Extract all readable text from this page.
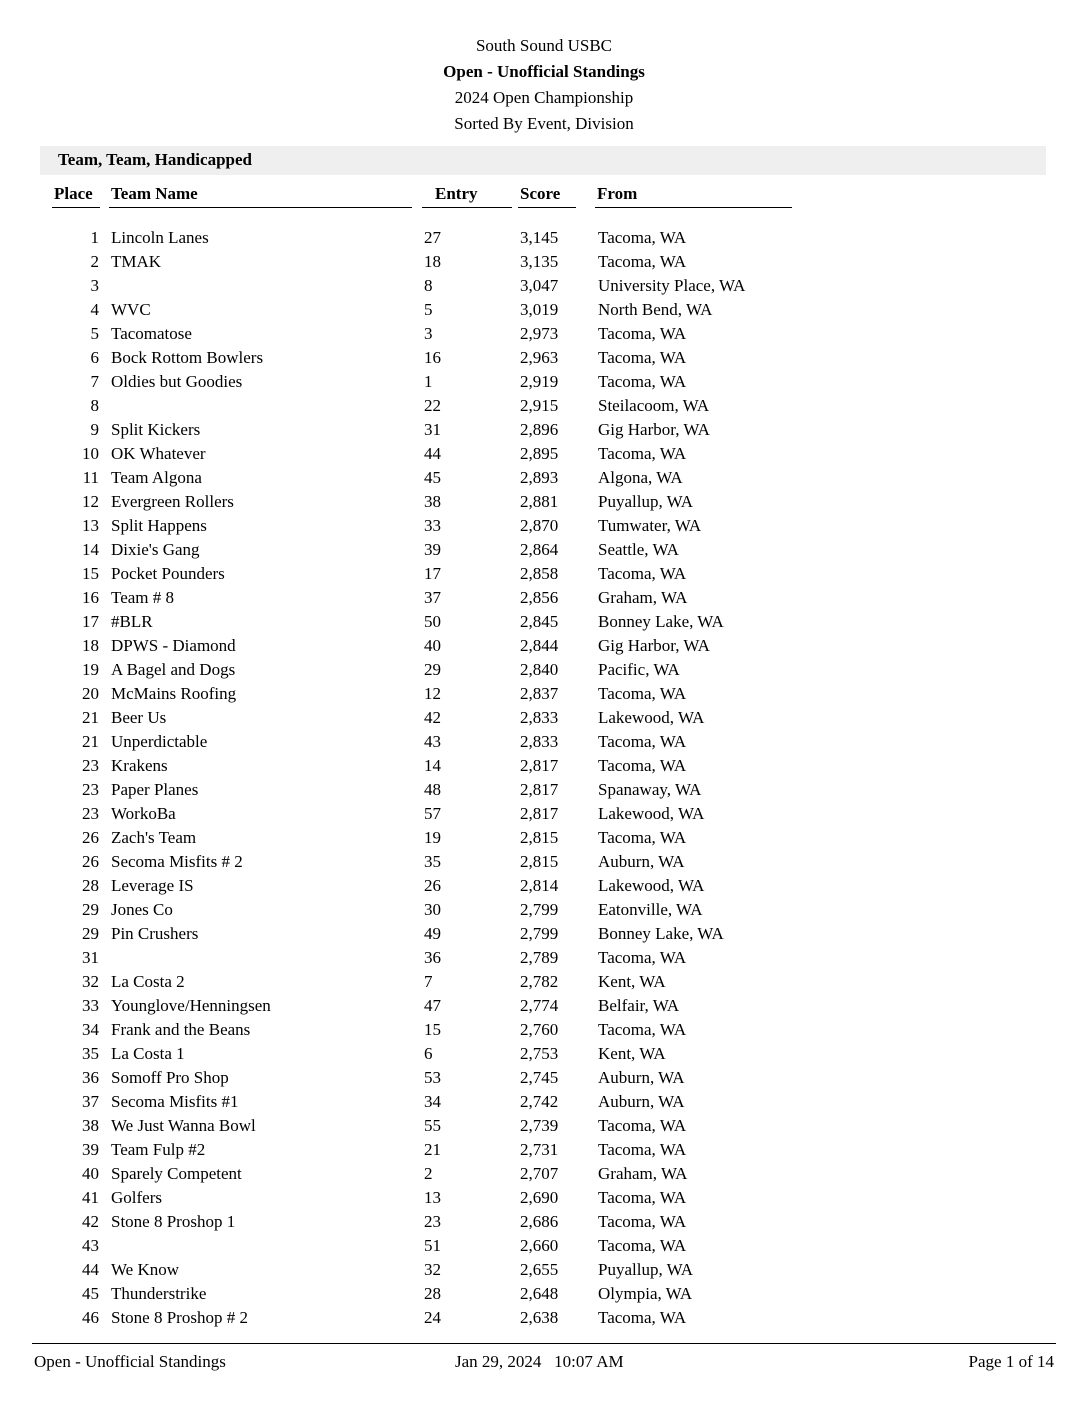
South Sound USBC
Open - Unofficial Standings
2024 Open Championship
Sorted By Event, Division
Team, Team, Handicapped
Place Team Name	Entry	Score From
1 Lincoln Lanes	27	3,145 Tacoma, WA
2 TMAK	18	3,135 Tacoma, WA
3	8	3,047 University Place, WA
4 WVC	5	3,019 North Bend, WA
5 Tacomatose	3	2,973 Tacoma, WA
6 Bock Rottom Bowlers	16	2,963 Tacoma, WA
7 Oldies but Goodies	1	2,919 Tacoma, WA
8	22	2,915 Steilacoom, WA
9 Split Kickers	31	2,896 Gig Harbor, WA
10 OK Whatever	44	2,895 Tacoma, WA
11 Team Algona	45	2,893 Algona, WA
12 Evergreen Rollers	38	2,881 Puyallup, WA
13 Split Happens	33	2,870 Tumwater, WA
14 Dixie's Gang	39	2,864 Seattle, WA
15 Pocket Pounders	17	2,858 Tacoma, WA
16 Team # 8	37	2,856 Graham, WA
17 #BLR	50	2,845 Bonney Lake, WA
18 DPWS - Diamond	40	2,844 Gig Harbor, WA
19 A Bagel and Dogs	29	2,840 Pacific, WA
20 McMains Roofing	12	2,837 Tacoma, WA
21 Beer Us	42	2,833 Lakewood, WA
21 Unperdictable	43	2,833 Tacoma, WA
23 Krakens	14	2,817 Tacoma, WA
23 Paper Planes	48	2,817 Spanaway, WA
23 WorkoBa	57	2,817 Lakewood, WA
26 Zach's Team	19	2,815 Tacoma, WA
26 Secoma Misfits # 2	35	2,815 Auburn, WA
28 Leverage IS	26	2,814 Lakewood, WA
29 Jones Co	30	2,799 Eatonville, WA
29 Pin Crushers	49	2,799 Bonney Lake, WA
31	36	2,789 Tacoma, WA
32 La Costa 2	7	2,782 Kent, WA
33 Younglove/Henningsen	47	2,774 Belfair, WA
34 Frank and the Beans	15	2,760 Tacoma, WA
35 La Costa 1	6	2,753 Kent, WA
36 Somoff Pro Shop	53	2,745 Auburn, WA
37 Secoma Misfits #1	34	2,742 Auburn, WA
38 We Just Wanna Bowl	55	2,739 Tacoma, WA
39 Team Fulp #2	21	2,731 Tacoma, WA
40 Sparely Competent	2	2,707 Graham, WA
41 Golfers	13	2,690 Tacoma, WA
42 Stone 8 Proshop 1	23	2,686 Tacoma, WA
43	51	2,660 Tacoma, WA
44 We Know	32	2,655 Puyallup, WA
45 Thunderstrike	28	2,648 Olympia, WA
46 Stone 8 Proshop # 2	24	2,638 Tacoma, WA
Open - Unofficial Standings	Jan 29, 2024   10:07 AM	Page 1 of 14
